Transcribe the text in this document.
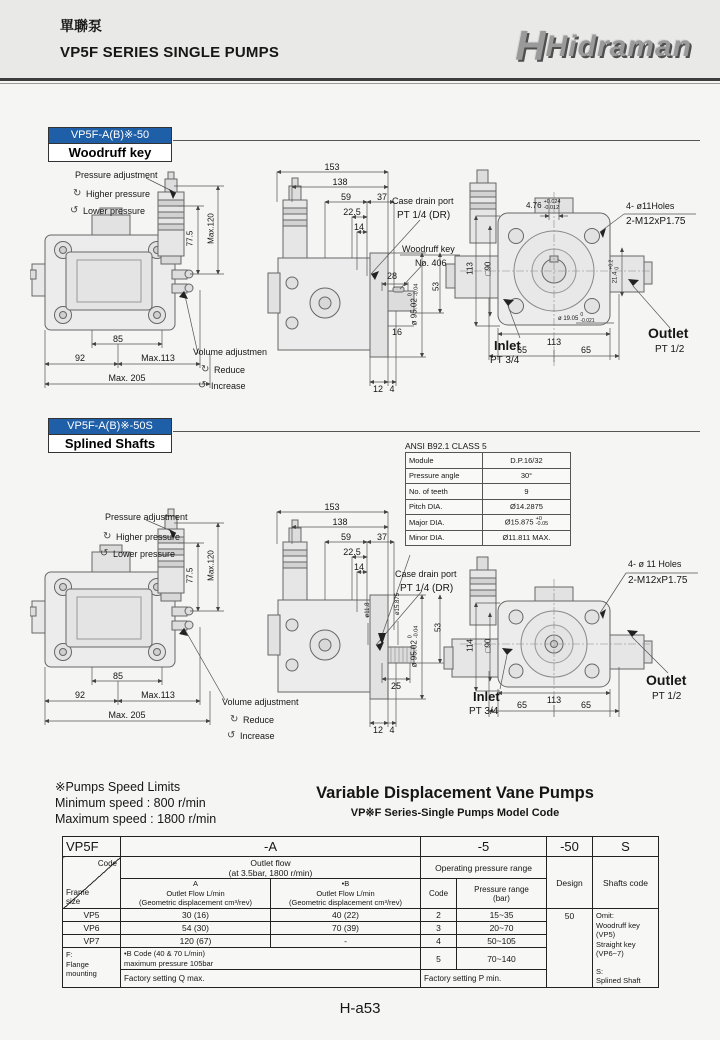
單聯泵
VP5F SERIES SINGLE PUMPS	HHidraman
VP5F-A(B)※-50
Woodruff key
Pressure adjustment
↻ Higher pressure
↺ Lower pressure
77.5 Max.120
85
92	Max.113
Max. 205
Volume adjustmen
↻ Reduce
↺ Increase
153
138
59	37
22.5
14
Case drain port
PT 1/4 (DR)
Woodruff key
No. 406
28
16
ø 95.02
0 -0.04 53
12 4
4.76 +0.024
-0.012	4- ø11Holes
2-M12xP1.75
113 □90
21.4
+0.2 0
ø 19.05
0
-0.021
Inlet
PT 3/4
Outlet
PT 1/2
113
65	65
VP5F-A(B)※-50S
Splined Shafts	ANSI B92.1 CLASS 5
Module	D.P.16/32
Pressure angle	30°
No. of teeth	9
Pitch DIA.	Ø14.2875
Major DIA.	Ø15.875 +0
-0.05

Minor DIA.	Ø11.811 MAX.
Pressure adjustment
↻ Higher pressure
↺ Lower pressure
77.5 Max.120
85
92	Max.113
Max. 205
Volume adjustment
↻ Reduce
↺ Increase
153
138
59	37
22.5
14
Case drain port
PT 1/4 (DR)
ø11.8	ø15.875
ø 95.02
0 -0.04 53
25
12 4
4- ø 11 Holes
2-M12xP1.75
114 □90
Inlet
PT 3/4
Outlet
PT 1/2
113
65	65
※Pumps Speed Limits
Minimum speed : 800 r/min
Maximum speed : 1800 r/min
Variable Displacement Vane Pumps
VP※F Series-Single Pumps Model Code
VP5F	-A		-5		-50	S

Code
Frame
size

Outlet flow
(at 3.5bar, 1800 r/min)	Operating pressure range	Design	Shafts code

A
Outlet Flow L/min
(Geometric displacement cm³/rev)

•B
Outlet Flow L/min
(Geometric displacement cm³/rev)
	Code	Pressure range
(bar)

VP5	30 (16)	40 (22)	2	15~35	50	Omit:
Woodruff key (VP5)
Straight key (VP6~7)
S:
Splined Shaft

VP6	54 (30)	70 (39)	3	20~70		
VP7	120 (67)	-	4	50~105		

F:
Flange
mounting

•B Code (40 & 70 L/min)
maximum pressure 105bar	5	70~140
	Factory setting Q max.		Factory setting P min.			
H-a53
